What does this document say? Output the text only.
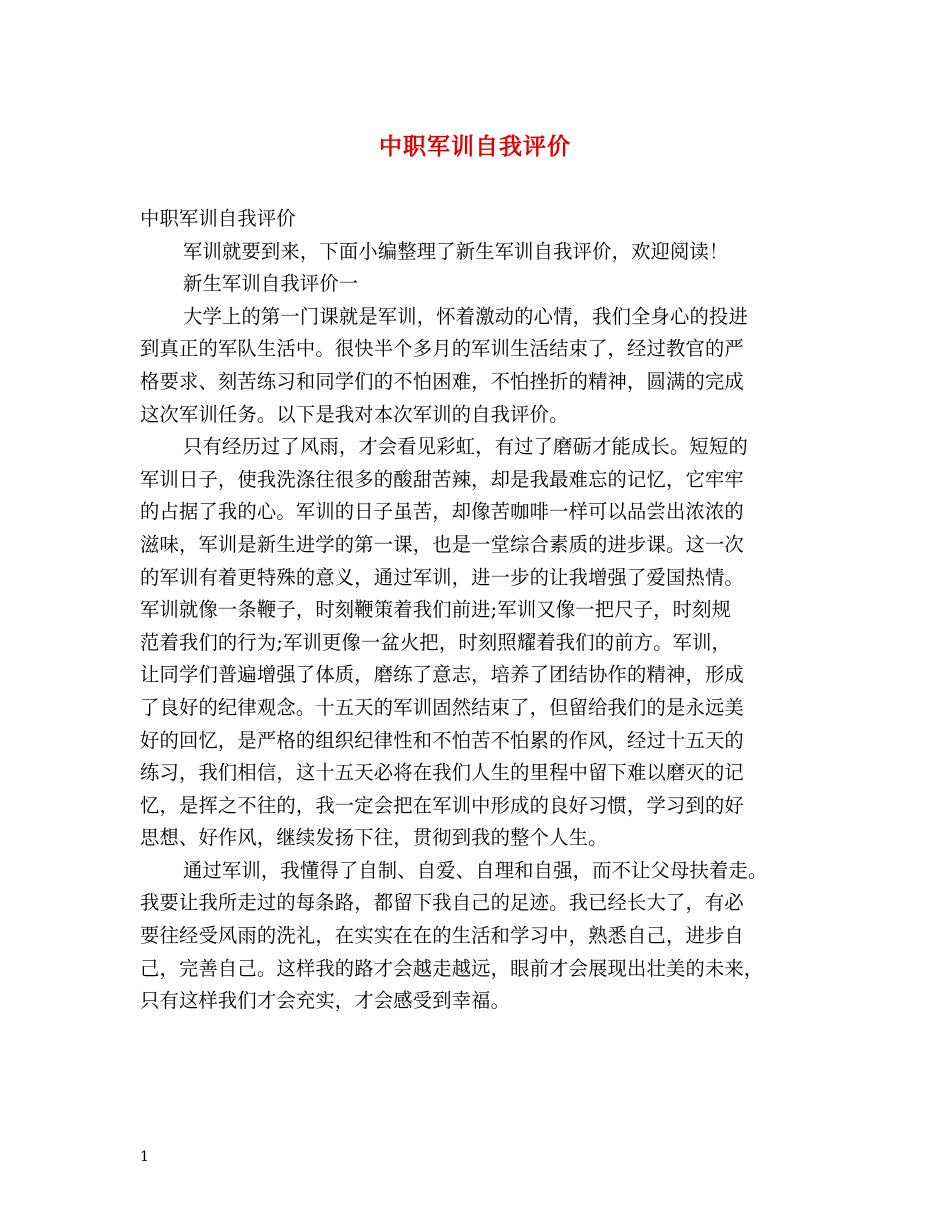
中职军训自我评价
中职军训自我评价
军训就要到来，下面小编整理了新生军训自我评价，欢迎阅读！
新生军训自我评价一
大学上的第一门课就是军训，怀着激动的心情，我们全身心的投进
到真正的军队生活中。很快半个多月的军训生活结束了，经过教官的严
格要求、刻苦练习和同学们的不怕困难，不怕挫折的精神，圆满的完成
这次军训任务。以下是我对本次军训的自我评价。
只有经历过了风雨，才会看见彩虹，有过了磨砺才能成长。短短的
军训日子，使我洗涤往很多的酸甜苦辣，却是我最难忘的记忆，它牢牢
的占据了我的心。军训的日子虽苦，却像苦咖啡一样可以品尝出浓浓的
滋味，军训是新生进学的第一课，也是一堂综合素质的进步课。这一次
的军训有着更特殊的意义，通过军训，进一步的让我增强了爱国热情。
军训就像一条鞭子，时刻鞭策着我们前进;军训又像一把尺子，时刻规
范着我们的行为;军训更像一盆火把，时刻照耀着我们的前方。军训，
让同学们普遍增强了体质，磨练了意志，培养了团结协作的精神，形成
了良好的纪律观念。十五天的军训固然结束了，但留给我们的是永远美
好的回忆，是严格的组织纪律性和不怕苦不怕累的作风，经过十五天的
练习，我们相信，这十五天必将在我们人生的里程中留下难以磨灭的记
忆，是挥之不往的，我一定会把在军训中形成的良好习惯，学习到的好
思想、好作风，继续发扬下往，贯彻到我的整个人生。
通过军训，我懂得了自制、自爱、自理和自强，而不让父母扶着走。
我要让我所走过的每条路，都留下我自己的足迹。我已经长大了，有必
要往经受风雨的洗礼，在实实在在的生活和学习中，熟悉自己，进步自
己，完善自己。这样我的路才会越走越远，眼前才会展现出壮美的未来，
只有这样我们才会充实，才会感受到幸福。
1
